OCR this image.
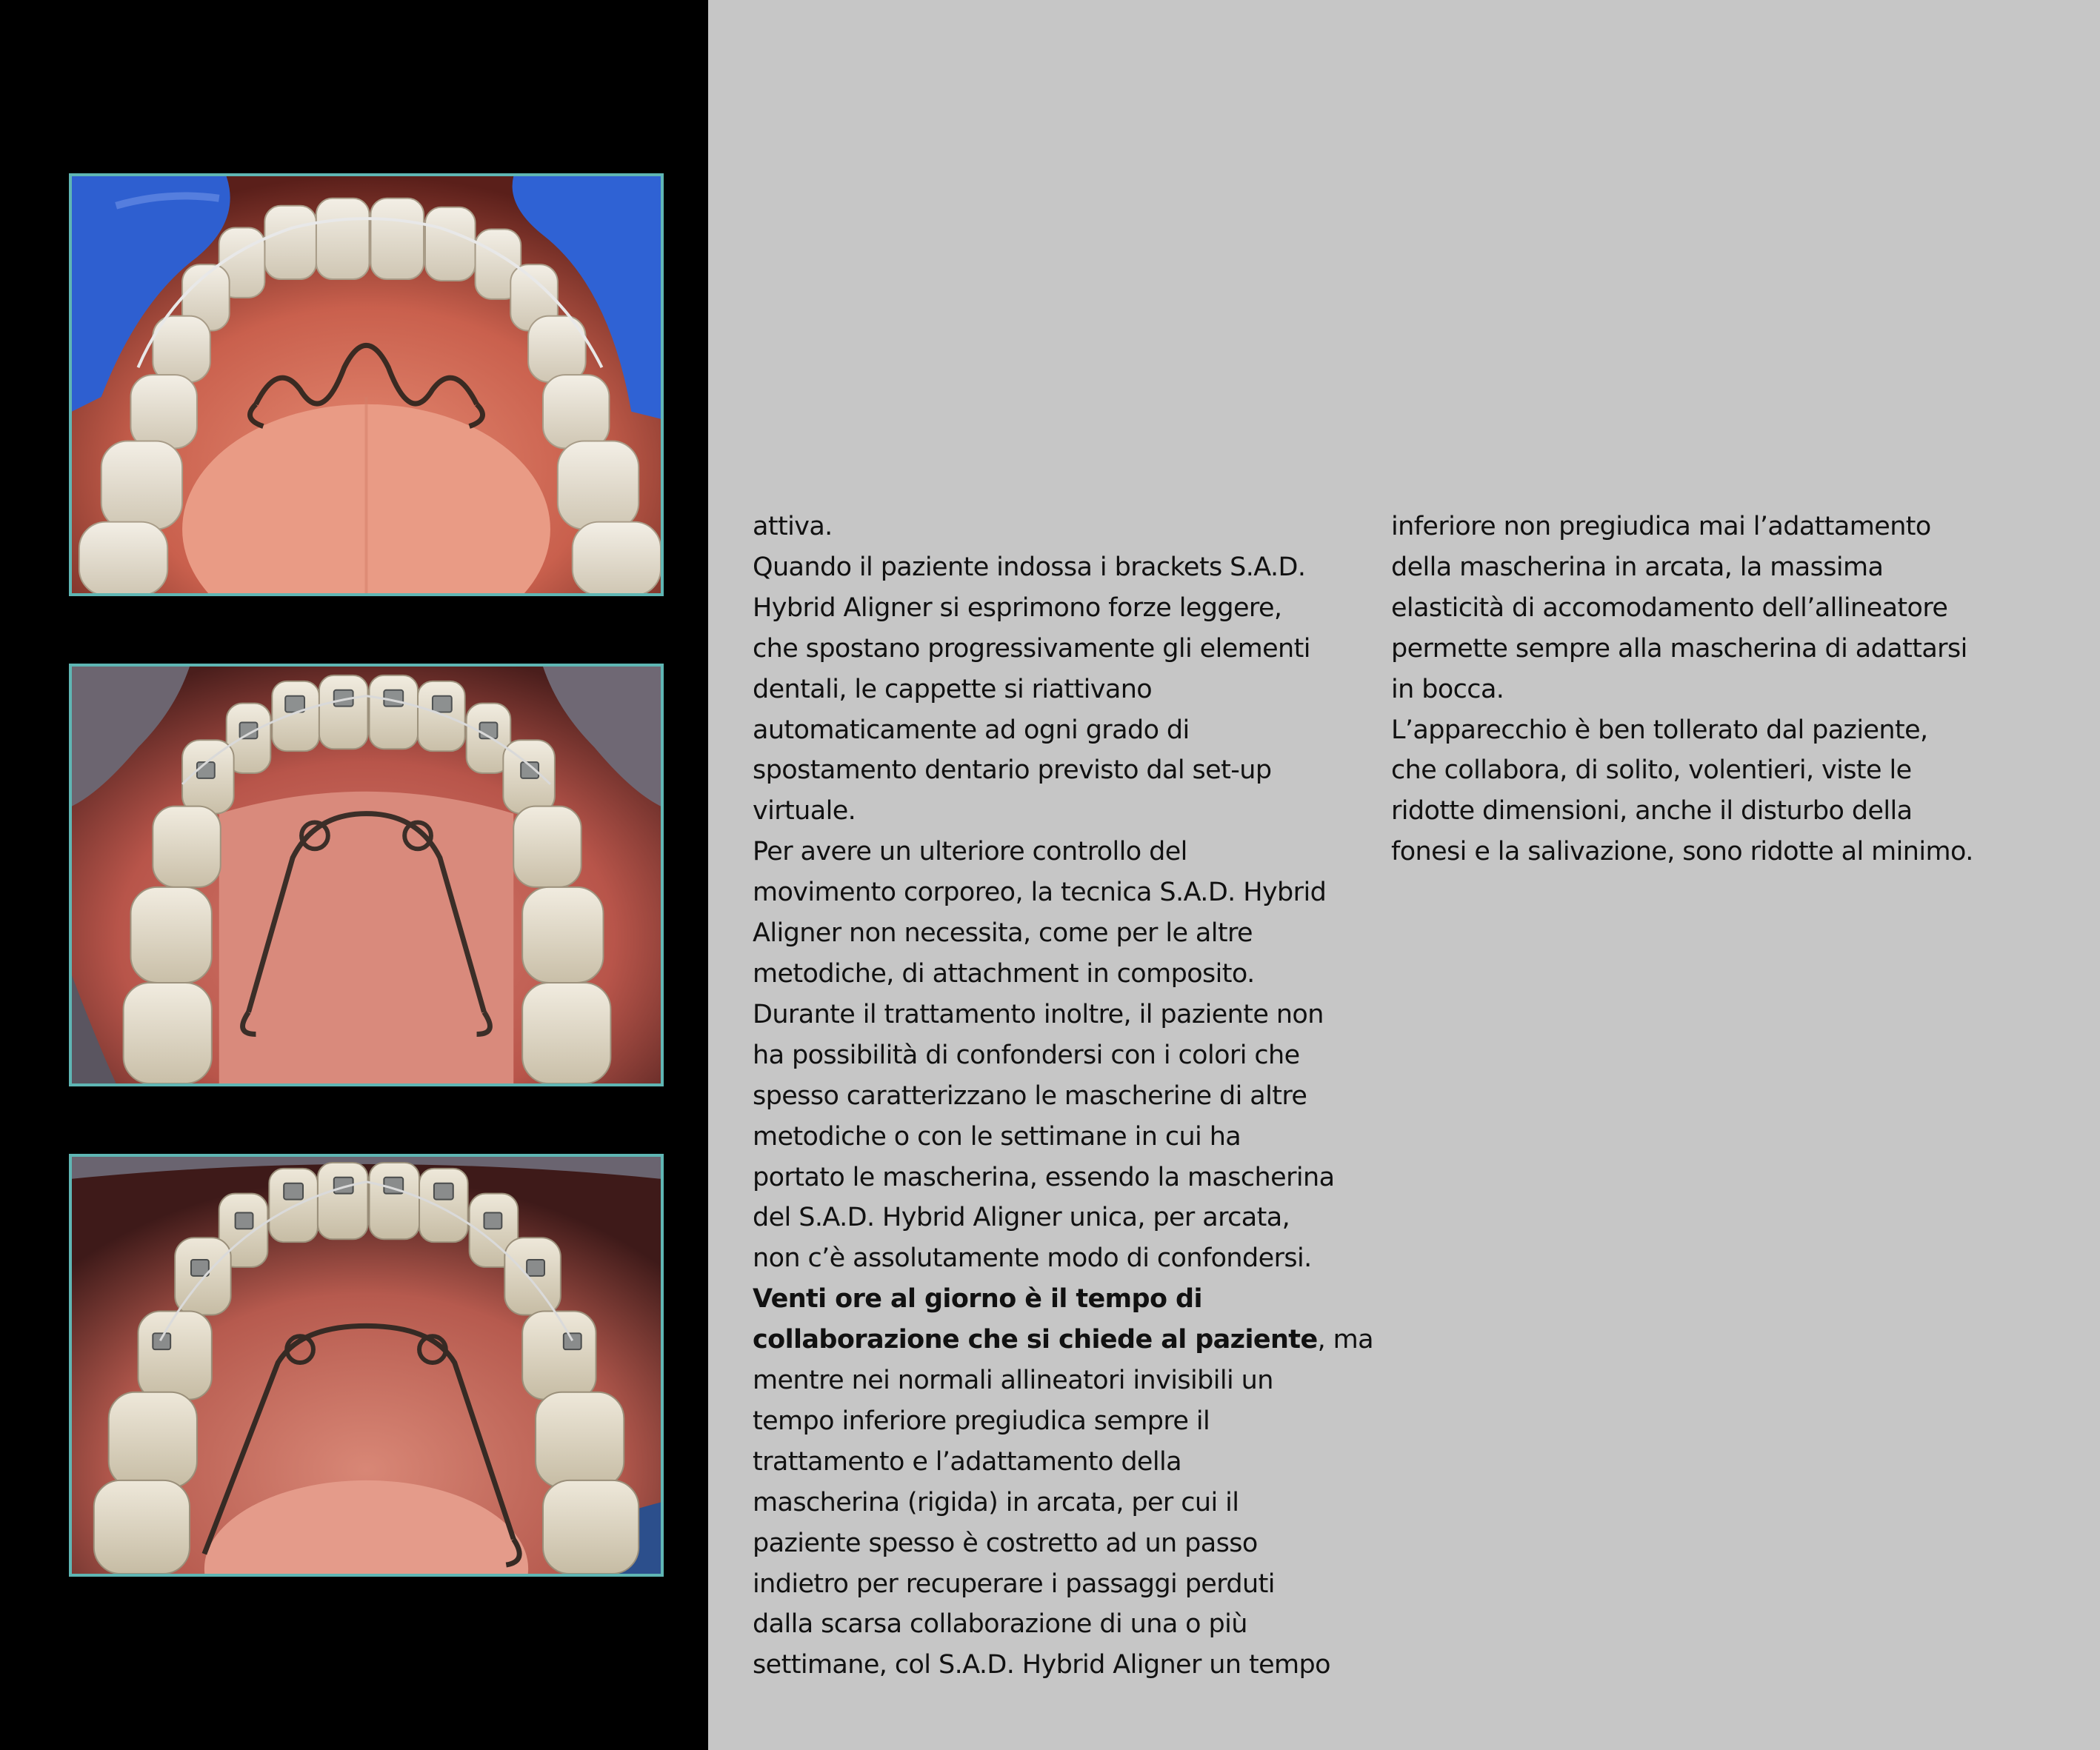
attiva.
Quando il paziente indossa i brackets S.A.D.
Hybrid Aligner si esprimono forze leggere,
che spostano progressivamente gli elementi
dentali, le cappette si riattivano
automaticamente ad ogni grado di
spostamento dentario previsto dal set-up
virtuale.
Per avere un ulteriore controllo del
movimento corporeo, la tecnica S.A.D. Hybrid
Aligner non necessita, come per le altre
metodiche, di attachment in composito.
Durante il trattamento inoltre, il paziente non
ha possibilità di confondersi con i colori che
spesso caratterizzano le mascherine di altre
metodiche o con le settimane in cui ha
portato le mascherina, essendo la mascherina
del S.A.D. Hybrid Aligner unica, per arcata,
non c’è assolutamente modo di confondersi.
Venti ore al giorno è il tempo di
collaborazione che si chiede al paziente, ma
mentre nei normali allineatori invisibili un
tempo inferiore pregiudica sempre il
trattamento e l’adattamento della
mascherina (rigida) in arcata, per cui il
paziente spesso è costretto ad un passo
indietro per recuperare i passaggi perduti
dalla scarsa collaborazione di una o più
settimane, col S.A.D. Hybrid Aligner un tempo
inferiore non pregiudica mai l’adattamento
della mascherina in arcata, la massima
elasticità di accomodamento dell’allineatore
permette sempre alla mascherina di adattarsi
in bocca.
L’apparecchio è ben tollerato dal paziente,
che collabora, di solito, volentieri, viste le
ridotte dimensioni, anche il disturbo della
fonesi e la salivazione, sono ridotte al minimo.
